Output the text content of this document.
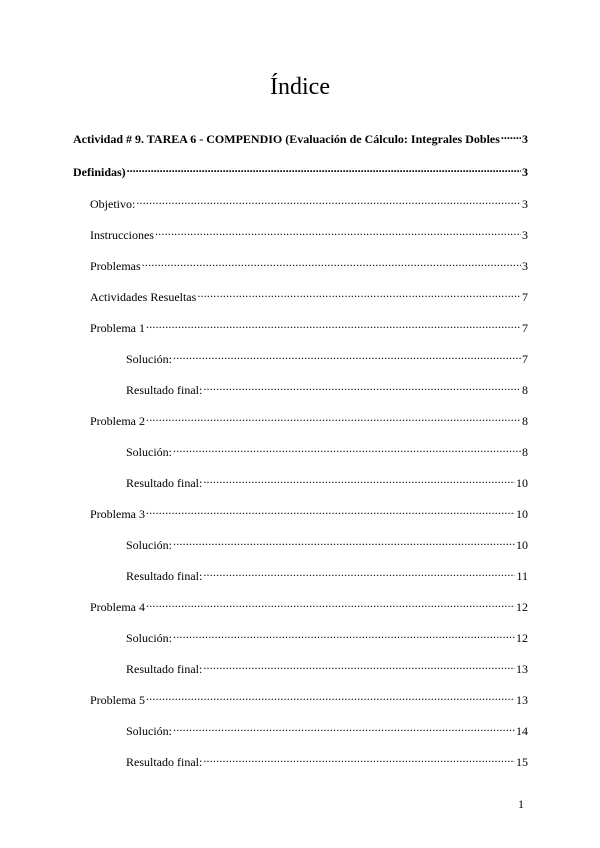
Índice
Actividad # 9. TAREA 6 - COMPENDIO (Evaluación de Cálculo: Integrales Dobles ..... 3
Definidas) .....	3
Objetivo: .....	3
Instrucciones .....	3
Problemas .....	3
Actividades Resueltas .....	7
Problema 1 .....	7
Solución: .....	7
Resultado final: .....	8
Problema 2 .....	8
Solución: .....	8
Resultado final: .....	10
Problema 3 .....	10
Solución: .....	10
Resultado final: .....	11
Problema 4 .....	12
Solución: .....	12
Resultado final: .....	13
Problema 5 .....	13
Solución: .....	14
Resultado final: .....	15
1
